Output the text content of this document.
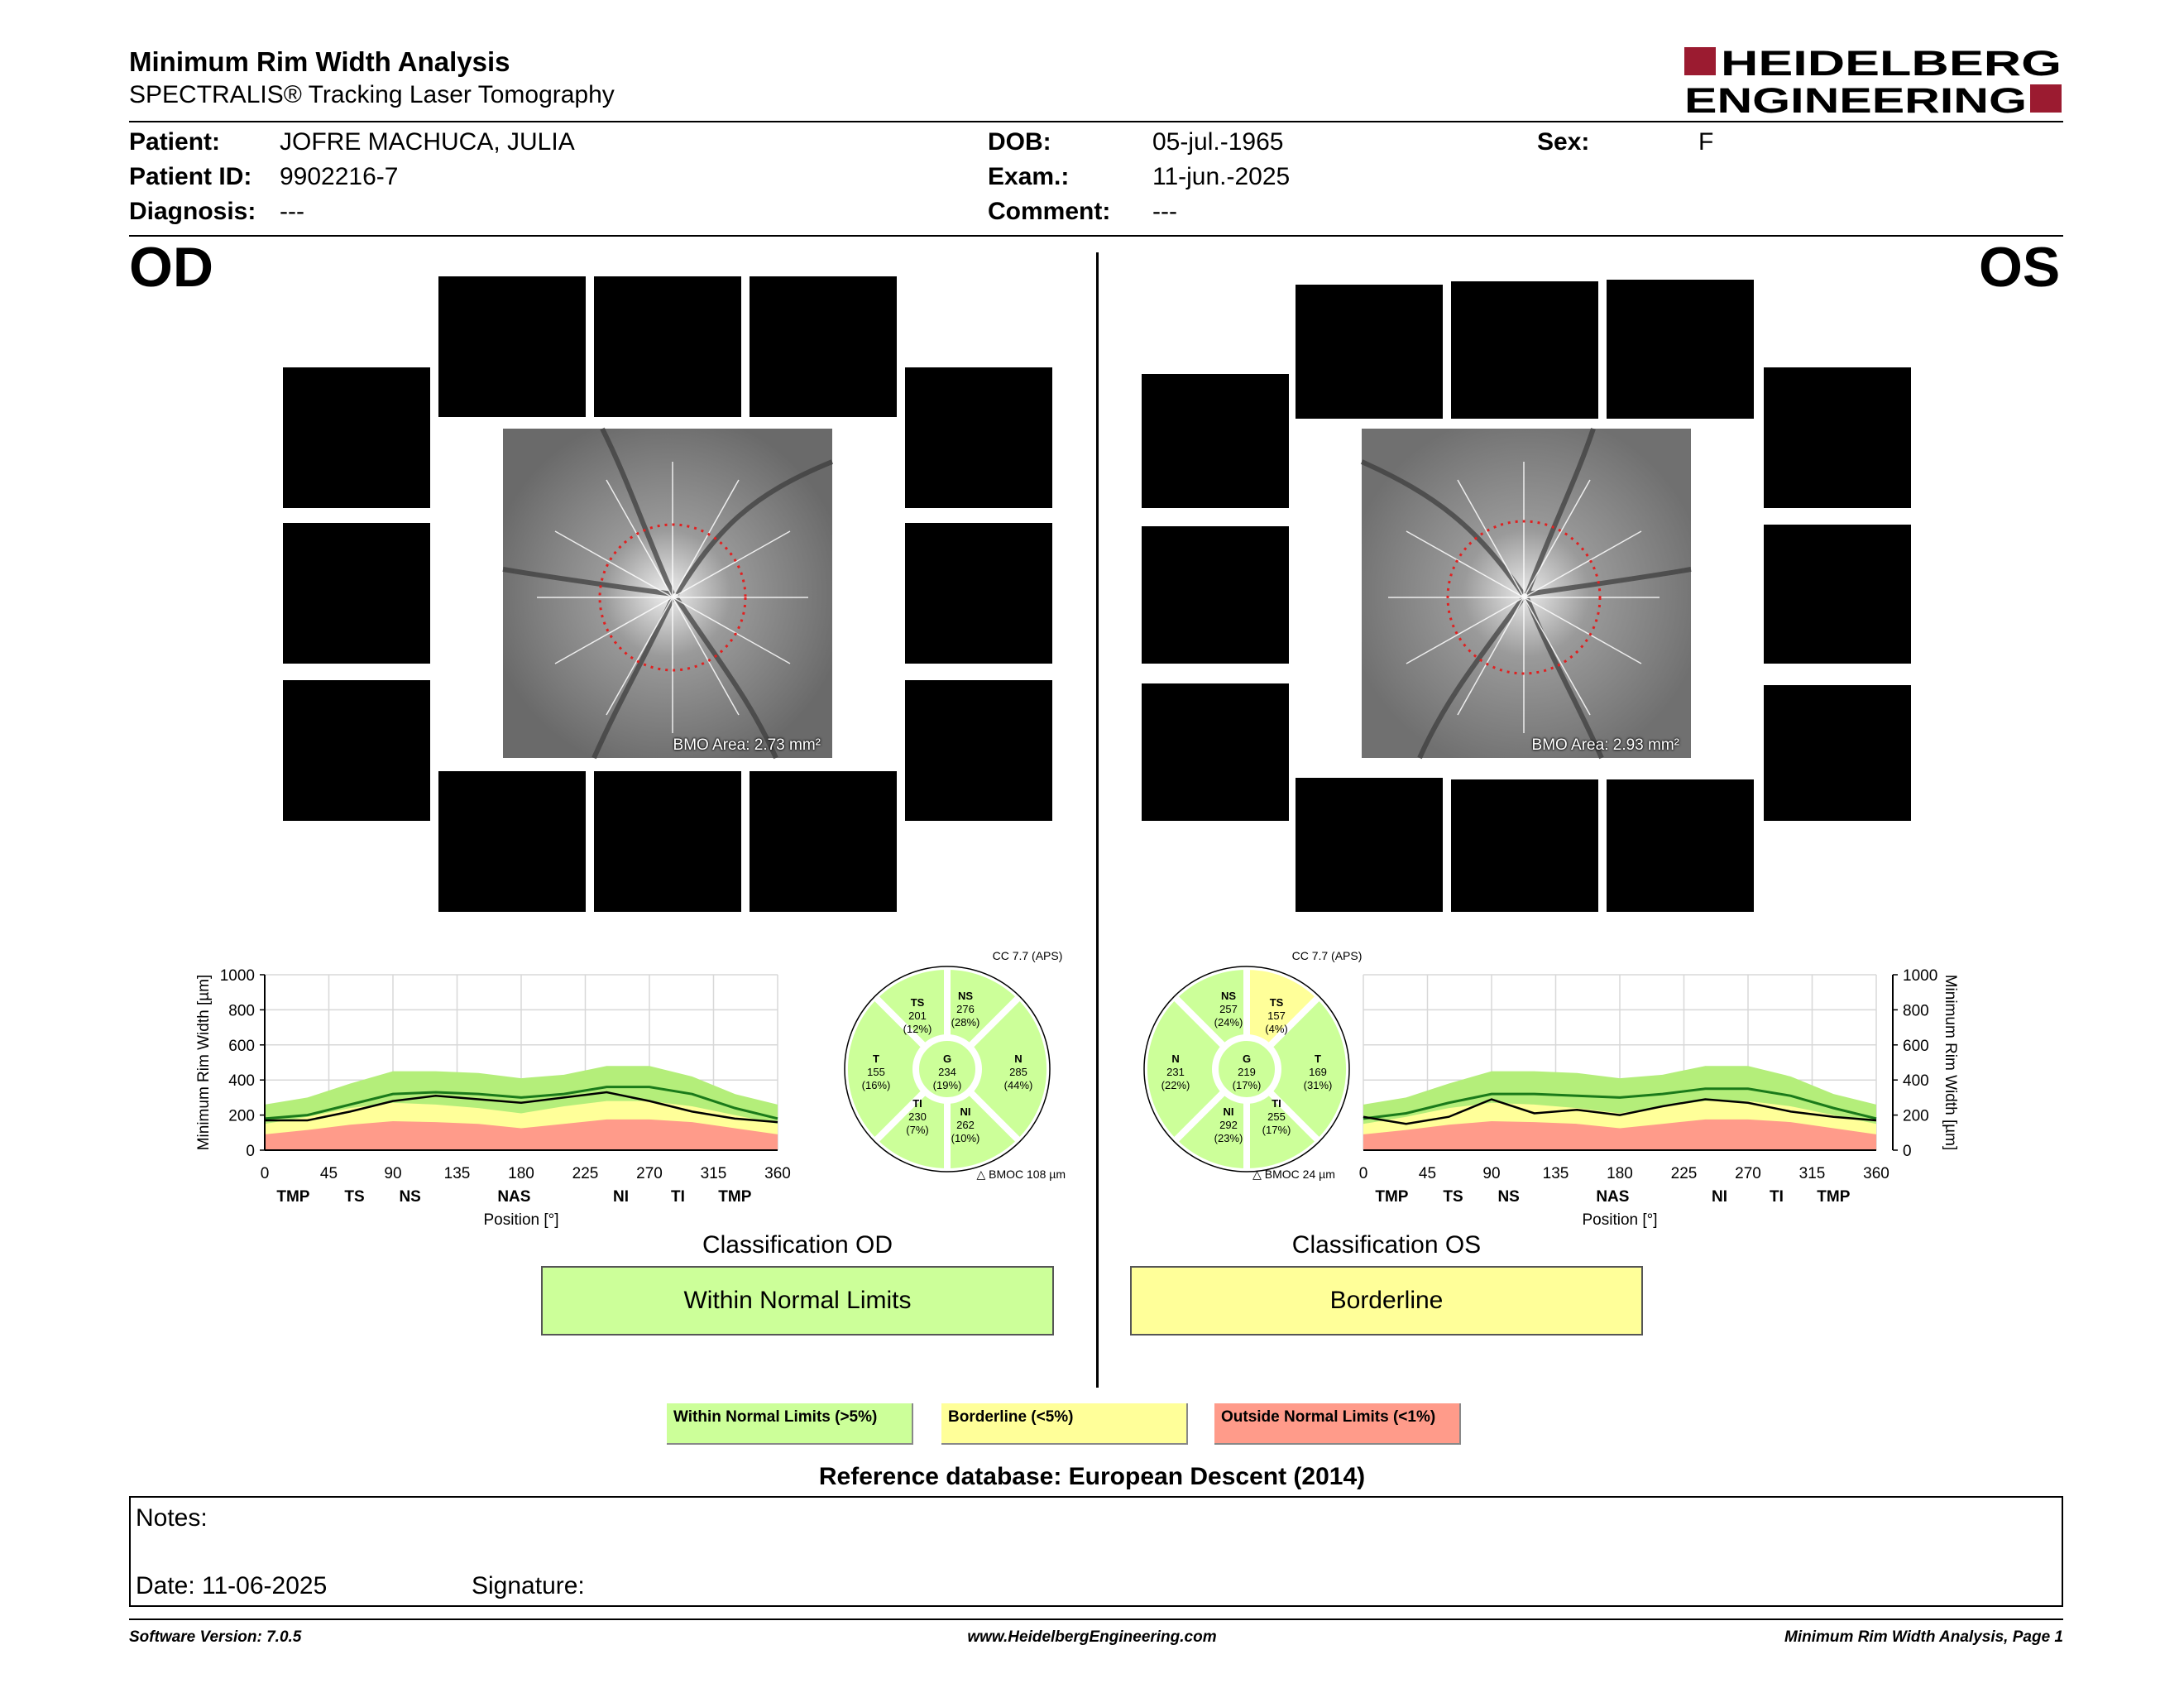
Minimum Rim Width Analysis
SPECTRALIS® Tracking Laser Tomography
HEIDELBERG
ENGINEERING
Patient: JOFRE MACHUCA, JULIA
Patient ID: 9902216-7
Diagnosis: ---
DOB:	05-jul.-1965
Exam.:	11-jun.-2025
Comment: ---
Sex:	F
OD	OS
BMO Area: 2.73 mm²	BMO Area: 2.93 mm²
0
200
400
600
800
1000
0	45	90	135 180 225 270 315 360
TMP TS NS	NAS	NI	TI TMP
Position [°]
Minimum Rim Width [µm]
0
200
400
600
800
1000
0	45	90	135 180 225 270 315 360
TMP TS NS	NAS	NI	TI TMP
Position [°]
Minimum Rim Width [µm]
CC 7.7 (APS)
TS
201
(12%)
NS
276
(28%)
N
285
(44%)
NI
262
(10%)
TI
230
(7%)
T
155
(16%)
G
234
(19%)
△ BMOC 108 µm
CC 7.7 (APS)
NS
257
(24%)
TS
157
(4%)
T
169
(31%)
TI
255
(17%)
NI
292
(23%)
N
231
(22%)
G
219
(17%)
△ BMOC 24 µm
Classification OD
Within Normal Limits
Classification OS
Borderline
Within Normal Limits (>5%)	Borderline (<5%)	Outside Normal Limits (<1%)
Reference database: European Descent (2014)
Notes:
Date: 11-06-2025	Signature:
Software Version: 7.0.5	www.HeidelbergEngineering.com	Minimum Rim Width Analysis, Page 1
